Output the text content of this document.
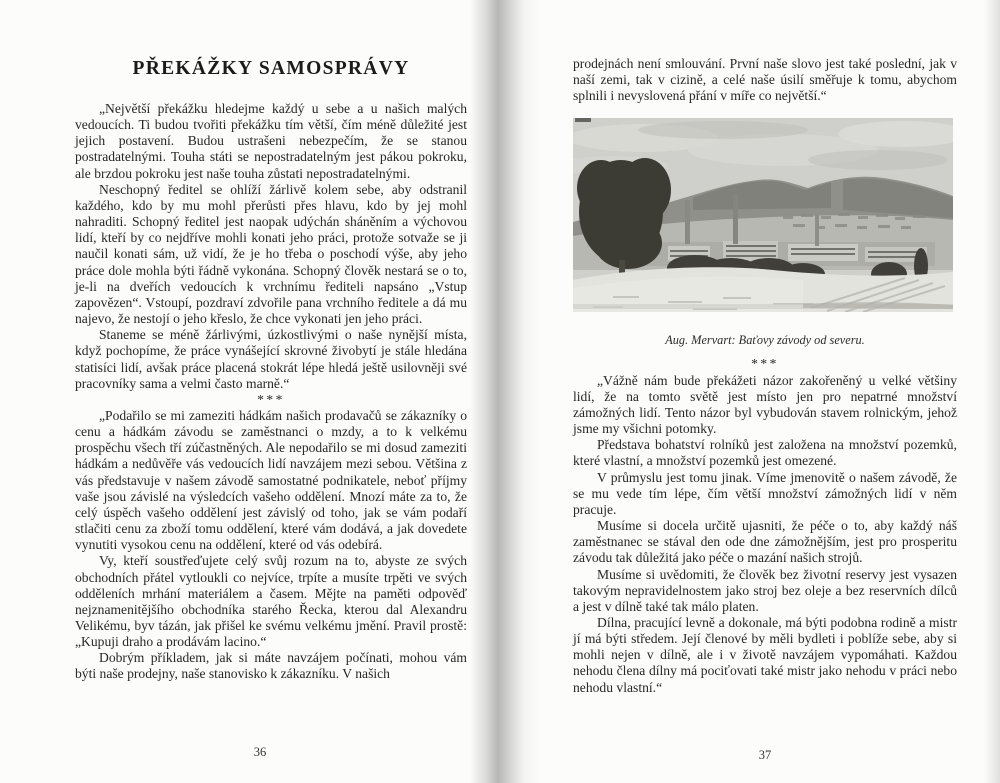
PŘEKÁŽKY SAMOSPRÁVY

„Největší překážku hledejme každý u sebe a u našich malých vedoucích. Ti budou tvořiti překážku tím větší, čím méně důležité jest jejich postavení. Budou ustrašeni nebezpečím, že se stanou postradatelnými. Touha státi se nepostradatelným jest pákou pokroku, ale brzdou pokroku jest naše touha zůstati nepostradatelnými.

Neschopný ředitel se ohlíží žárlivě kolem sebe, aby odstranil každého, kdo by mu mohl přerůsti přes hlavu, kdo by jej mohl nahraditi. Schopný ředitel jest naopak udýchán sháněním a výchovou lidí, kteří by co nejdříve mohli konati jeho práci, protože sotvaže se ji naučil konati sám, už vidí, že je ho třeba o poschodí výše, aby jeho práce dole mohla býti řádně vykonána. Schopný člověk nestará se o to, je-li na dveřích vedoucích k vrchnímu řediteli napsáno „Vstup zapovězen“. Vstoupí, pozdraví zdvořile pana vrchního ředitele a dá mu najevo, že nestojí o jeho křeslo, že chce vykonati jen jeho práci.

Staneme se méně žárlivými, úzkostlivými o naše nynější místa, když pochopíme, že práce vynášející skrovné živobytí je stále hledána statisíci lidí, avšak práce placená stokrát lépe hledá ještě usilovněji své pracovníky sama a velmi často marně.“

***

„Podařilo se mi zameziti hádkám našich prodavačů se zákazníky o cenu a hádkám závodu se zaměstnanci o mzdy, a to k velkému prospěchu všech tří zúčastněných. Ale nepodařilo se mi dosud zameziti hádkám a nedůvěře vás vedoucích lidí navzájem mezi sebou. Většina z vás představuje v našem závodě samostatné podnikatele, neboť příjmy vaše jsou závislé na výsledcích vašeho oddělení. Mnozí máte za to, že celý úspěch vašeho oddělení jest závislý od toho, jak se vám podaří stlačiti cenu za zboží tomu oddělení, které vám dodává, a jak dovedete vynutiti vysokou cenu na oddělení, které od vás odebírá.

Vy, kteří soustřeďujete celý svůj rozum na to, abyste ze svých obchodních přátel vytloukli co nejvíce, trpíte a musíte trpěti ve svých odděleních mrhání materiálem a časem. Mějte na paměti odpověď nejznamenitějšího obchodníka starého Řecka, kterou dal Alexandru Velikému, byv tázán, jak přišel ke svému velkému jmění. Pravil prostě: „Kupuji draho a prodávám lacino.“

Dobrým příkladem, jak si máte navzájem počínati, mohou vám býti naše prodejny, naše stanovisko k zákazníku. V našich

36

prodejnách není smlouvání. První naše slovo jest také poslední, jak v naší zemi, tak v cizině, a celé naše úsilí směřuje k tomu, abychom splnili i nevyslovená přání v míře co největší.“

Aug. Mervart: Baťovy závody od severu.

***

„Vážně nám bude překážeti názor zakořeněný u velké většiny lidí, že na tomto světě jest místo jen pro nepatrné množství zámožných lidí. Tento názor byl vybudován stavem rolnickým, jehož jsme my všichni potomky.

Představa bohatství rolníků jest založena na množství pozemků, které vlastní, a množství pozemků jest omezené.

V průmyslu jest tomu jinak. Víme jmenovitě o našem závodě, že se mu vede tím lépe, čím větší množství zámožných lidí v něm pracuje.

Musíme si docela určitě ujasniti, že péče o to, aby každý náš zaměstnanec se stával den ode dne zámožnějším, jest pro prosperitu závodu tak důležitá jako péče o mazání našich strojů.

Musíme si uvědomiti, že člověk bez životní reservy jest vysazen takovým nepravidelnostem jako stroj bez oleje a bez reservních dílců a jest v dílně také tak málo platen.

Dílna, pracující levně a dokonale, má býti podobna rodině a mistr jí má býti středem. Její členové by měli bydleti i poblíže sebe, aby si mohli nejen v dílně, ale i v životě navzájem vypomáhati. Každou nehodu člena dílny má pociťovati také mistr jako nehodu v práci nebo nehodu vlastní.“

37
